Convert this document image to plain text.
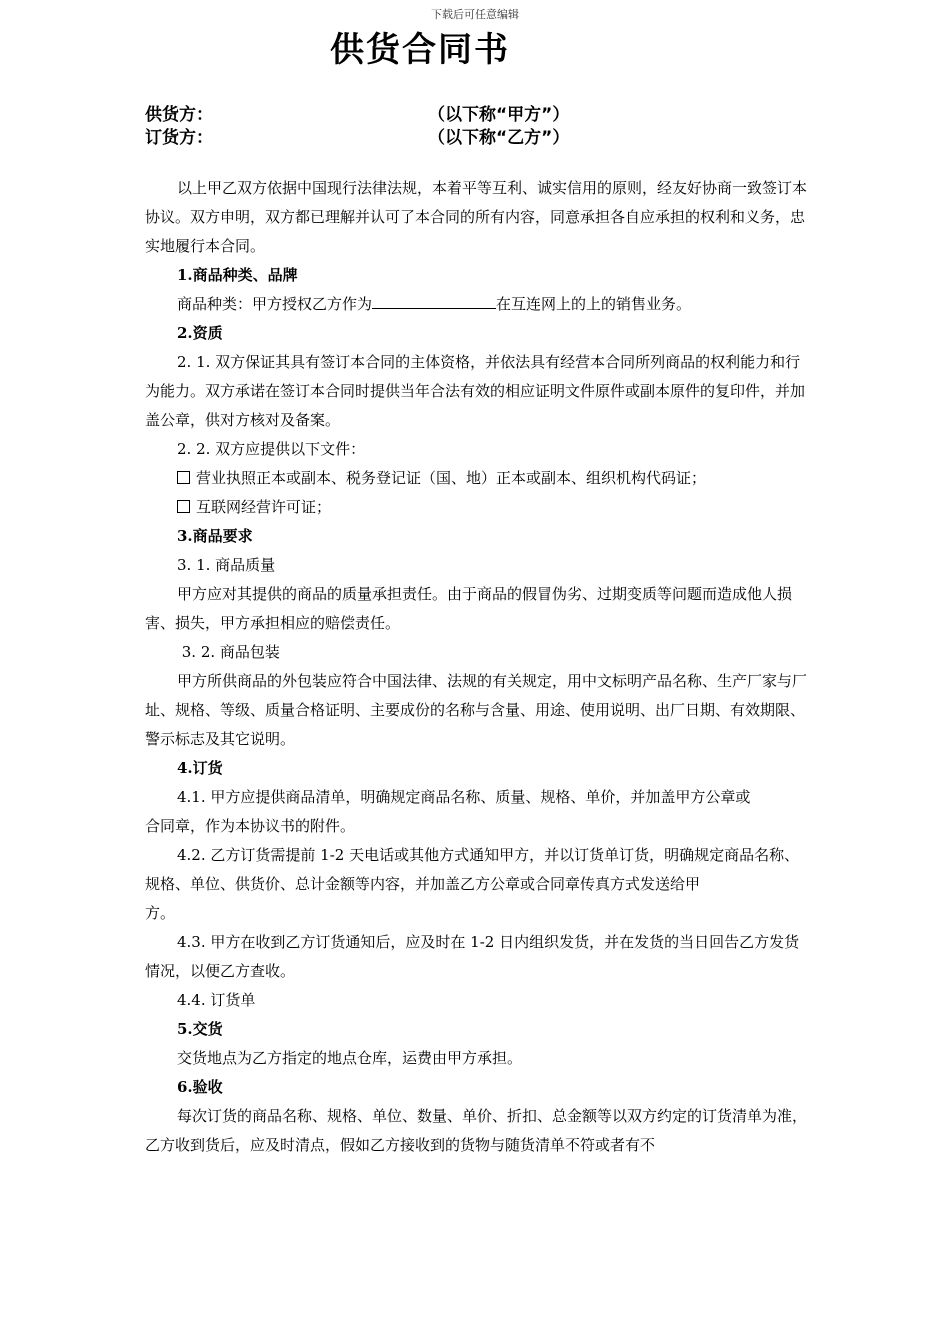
下载后可任意编辑
供货合同书
供货方：	（以下称“甲方”）
订货方：	（以下称“乙方”）

以上甲乙双方依据中国现行法律法规，本着平等互利、诚实信用的原则，经友好协商一致签订本协议。双方申明，双方都已理解并认可了本合同的所有内容，同意承担各自应承担的权利和义务，忠实地履行本合同。

1.商品种类、品牌

商品种类：甲方授权乙方作为	在互连网上的上的销售业务。

2.资质

2. 1. 双方保证其具有签订本合同的主体资格，并依法具有经营本合同所列商品的权利能力和行为能力。双方承诺在签订本合同时提供当年合法有效的相应证明文件原件或副本原件的复印件，并加盖公章，供对方核对及备案。

2. 2. 双方应提供以下文件：

营业执照正本或副本、税务登记证（国、地）正本或副本、组织机构代码证；

互联网经营许可证；

3.商品要求

3. 1. 商品质量

甲方应对其提供的商品的质量承担责任。由于商品的假冒伪劣、过期变质等问题而造成他人损害、损失，甲方承担相应的赔偿责任。

3. 2. 商品包装

甲方所供商品的外包装应符合中国法律、法规的有关规定，用中文标明产品名称、生产厂家与厂址、规格、等级、质量合格证明、主要成份的名称与含量、用途、使用说明、出厂日期、有效期限、警示标志及其它说明。

4.订货

4.1. 甲方应提供商品清单，明确规定商品名称、质量、规格、单价，并加盖甲方公章或

合同章，作为本协议书的附件。

4.2. 乙方订货需提前 1-2 天电话或其他方式通知甲方，并以订货单订货，明确规定商品名称、规格、单位、供货价、总计金额等内容，并加盖乙方公章或合同章传真方式发送给甲

方。

4.3. 甲方在收到乙方订货通知后，应及时在 1-2 日内组织发货，并在发货的当日回告乙方发货情况，以便乙方查收。

4.4. 订货单

5.交货

交货地点为乙方指定的地点仓库，运费由甲方承担。

6.验收

每次订货的商品名称、规格、单位、数量、单价、折扣、总金额等以双方约定的订货清单为准，乙方收到货后，应及时清点，假如乙方接收到的货物与随货清单不符或者有不
